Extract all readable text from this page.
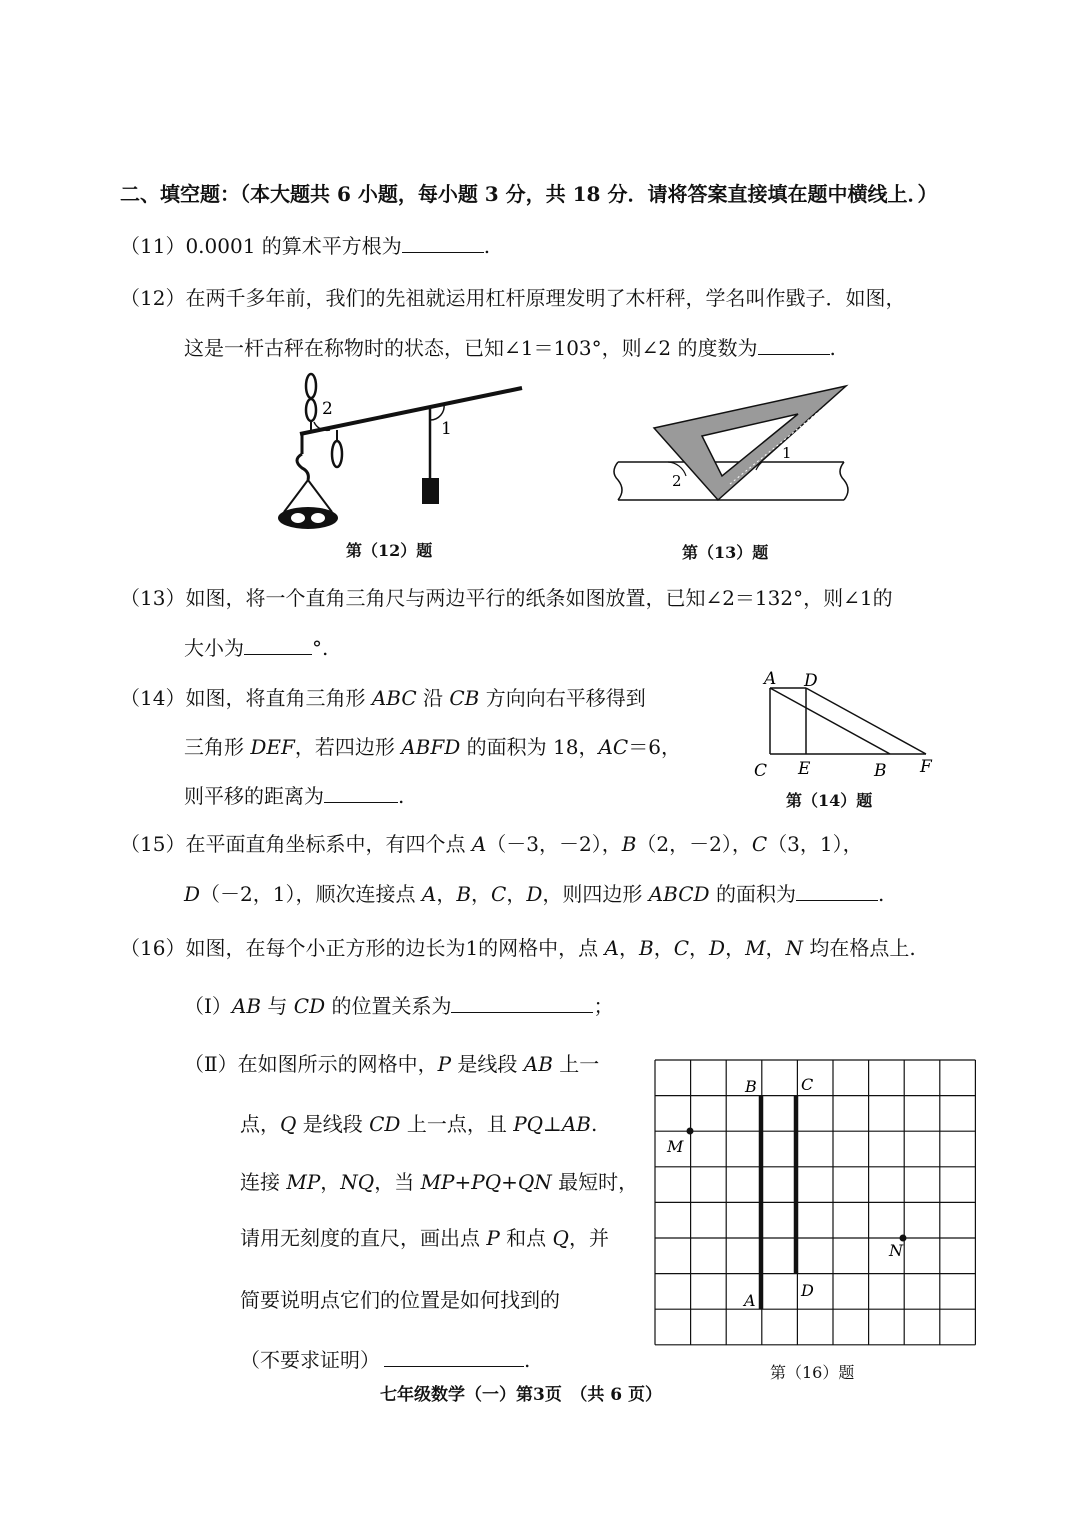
二、填空题：（本大题共 6 小题，每小题 3 分，共 18 分．请将答案直接填在题中横线上．）
（11）0.0001 的算术平方根为	.
（12）在两千多年前，我们的先祖就运用杠杆原理发明了木杆秤，学名叫作戥子．如图，
这是一杆古秤在称物时的状态，已知∠1＝103°，则∠2 的度数为	.
1
2
第（12）题
1
2
第（13）题
（13）如图，将一个直角三角尺与两边平行的纸条如图放置，已知∠2＝132°，则∠1的
大小为	°.
（14）如图，将直角三角形 ABC 沿 CB 方向向右平移得到
三角形 DEF，若四边形 ABFD 的面积为 18，AC＝6，
则平移的距离为	.
A D
C E	B F
第（14）题
（15）在平面直角坐标系中，有四个点 A（－3，－2），B（2，－2），C（3，1），
D（－2，1），顺次连接点 A，B，C，D，则四边形 ABCD 的面积为	.
（16）如图，在每个小正方形的边长为1的网格中，点 A，B，C，D，M，N 均在格点上.
（Ⅰ）AB 与 CD 的位置关系为	；
（Ⅱ）在如图所示的网格中，P 是线段 AB 上一
点，Q 是线段 CD 上一点，且 PQ⊥AB.
连接 MP，NQ，当 MP+PQ+QN 最短时，
请用无刻度的直尺，画出点 P 和点 Q，并
简要说明点它们的位置是如何找到的
（不要求证明）	.
B	C
M
N
A
D
第（16）题
七年级数学（一）第3页　（共 6 页）
